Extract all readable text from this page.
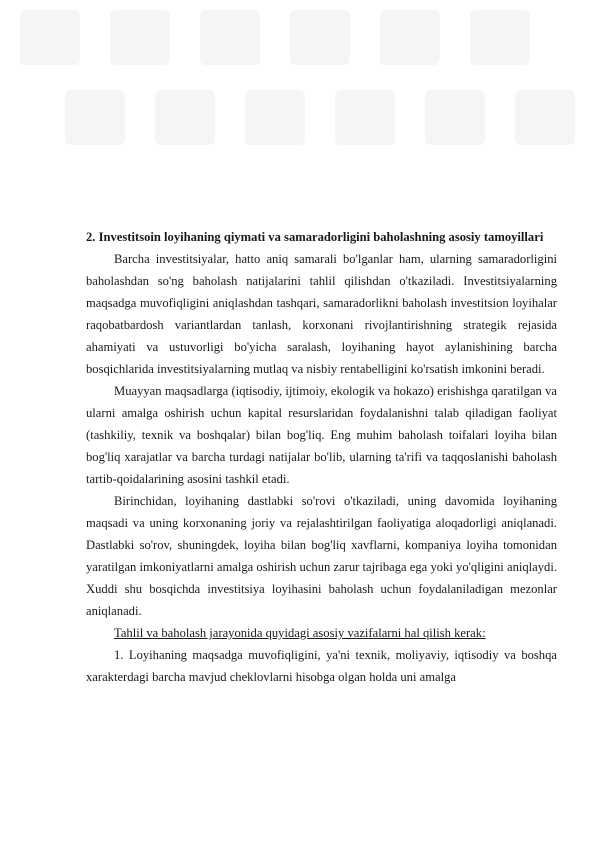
2. Investitsoin loyihaning qiymati va samaradorligini baholashning asosiy tamoyillari

Barcha investitsiyalar, hatto aniq samarali bo'lganlar ham, ularning samaradorligini baholashdan so'ng baholash natijalarini tahlil qilishdan o'tkaziladi. Investitsiyalarning maqsadga muvofiqligini aniqlashdan tashqari, samaradorlikni baholash investitsion loyihalar raqobatbardosh variantlardan tanlash, korxonani rivojlantirishning strategik rejasida ahamiyati va ustuvorligi bo'yicha saralash, loyihaning hayot aylanishining barcha bosqichlarida investitsiyalarning mutlaq va nisbiy rentabelligini ko'rsatish imkonini beradi.

Muayyan maqsadlarga (iqtisodiy, ijtimoiy, ekologik va hokazo) erishishga qaratilgan va ularni amalga oshirish uchun kapital resurslaridan foydalanishni talab qiladigan faoliyat (tashkiliy, texnik va boshqalar) bilan bog'liq. Eng muhim baholash toifalari loyiha bilan bog'liq xarajatlar va barcha turdagi natijalar bo'lib, ularning ta'rifi va taqqoslanishi baholash tartib-qoidalarining asosini tashkil etadi.

Birinchidan, loyihaning dastlabki so'rovi o'tkaziladi, uning davomida loyihaning maqsadi va uning korxonaning joriy va rejalashtirilgan faoliyatiga aloqadorligi aniqlanadi. Dastlabki so'rov, shuningdek, loyiha bilan bog'liq xavflarni, kompaniya loyiha tomonidan yaratilgan imkoniyatlarni amalga oshirish uchun zarur tajribaga ega yoki yo'qligini aniqlaydi. Xuddi shu bosqichda investitsiya loyihasini baholash uchun foydalaniladigan mezonlar aniqlanadi.

Tahlil va baholash jarayonida quyidagi asosiy vazifalarni hal qilish kerak:

1. Loyihaning maqsadga muvofiqligini, ya'ni texnik, moliyaviy, iqtisodiy va boshqa xarakterdagi barcha mavjud cheklovlarni hisobga olgan holda uni amalga
